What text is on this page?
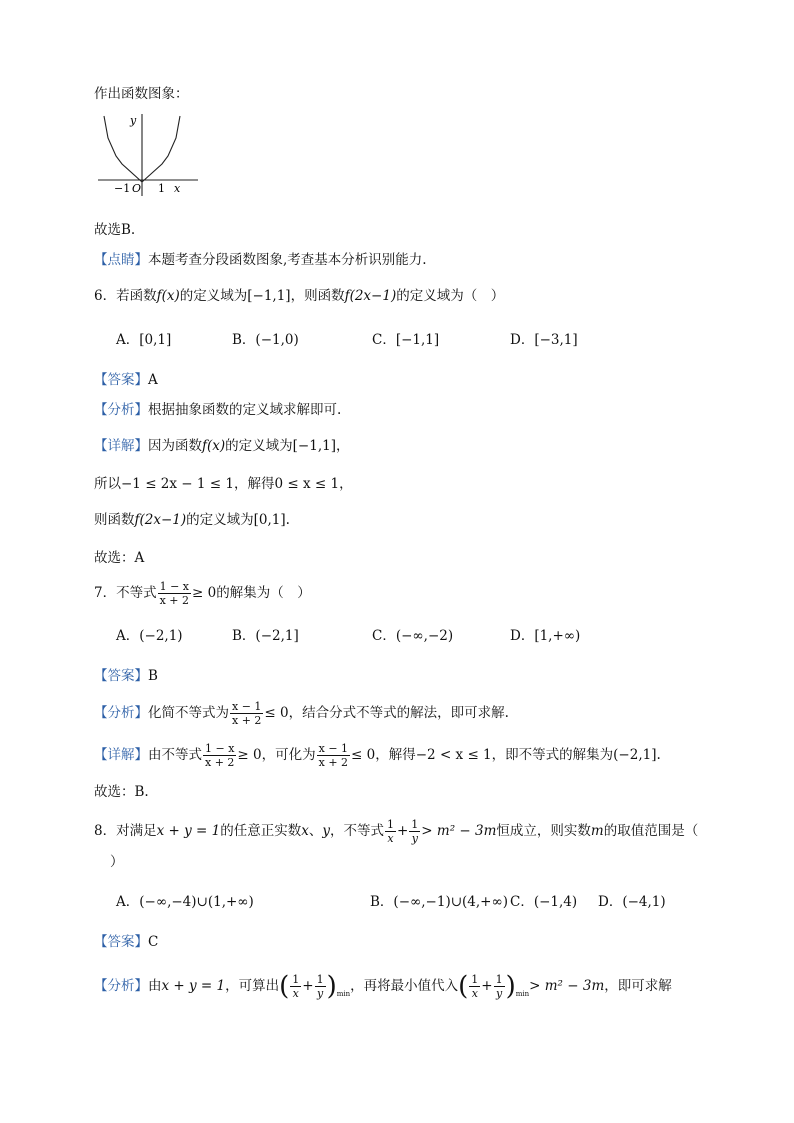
作出函数图象：
y
x
−1 O 1
故选B.
【点睛】本题考查分段函数图象,考查基本分析识别能力.
6．若函数f(x)的定义域为[−1,1]，则函数f(2x−1)的定义域为（　）
A．[0,1]	B．(−1,0)	C．[−1,1]	D．[−3,1]
【答案】A
【分析】根据抽象函数的定义域求解即可.
【详解】因为函数f(x)的定义域为[−1,1]，
所以−1 ≤ 2x − 1 ≤ 1，解得0 ≤ x ≤ 1，
则函数f(2x−1)的定义域为[0,1].
故选：A
7．不等式 $\frac{1 - x}{x + 2} \ge 0$的解集为（　）
A．(−2,1)	B．(−2,1]	C．(−∞,−2)	D．[1,+∞)
【答案】B
【分析】化简不等式为 $\frac{x - 1}{x + 2} \le 0$，结合分式不等式的解法，即可求解.
【详解】由不等式 $\frac{1 - x}{x + 2} \ge 0$，可化为 $\frac{x - 1}{x + 2} \le 0$，解得−2 < x ≤ 1，即不等式的解集为(−2,1].
故选：B.
8．对满足x + y = 1的任意正实数x、y，不等式 $\frac{1}{x} + \frac{1}{y} > m^2 - 3m$恒成立，则实数m的取值范围是（
）
A．(−∞,−4)∪(1,+∞)	B．(−∞,−1)∪(4,+∞) C．(−1,4) D．(−4,1)
【答案】C
【分析】由x + y = 1，可算出( $\frac{1}{x} + \frac{1}{y} )_{min}$，再将最小值代入( $\frac{1}{x} + \frac{1}{y} )_{min}> m^2 - 3m$，即可求解
